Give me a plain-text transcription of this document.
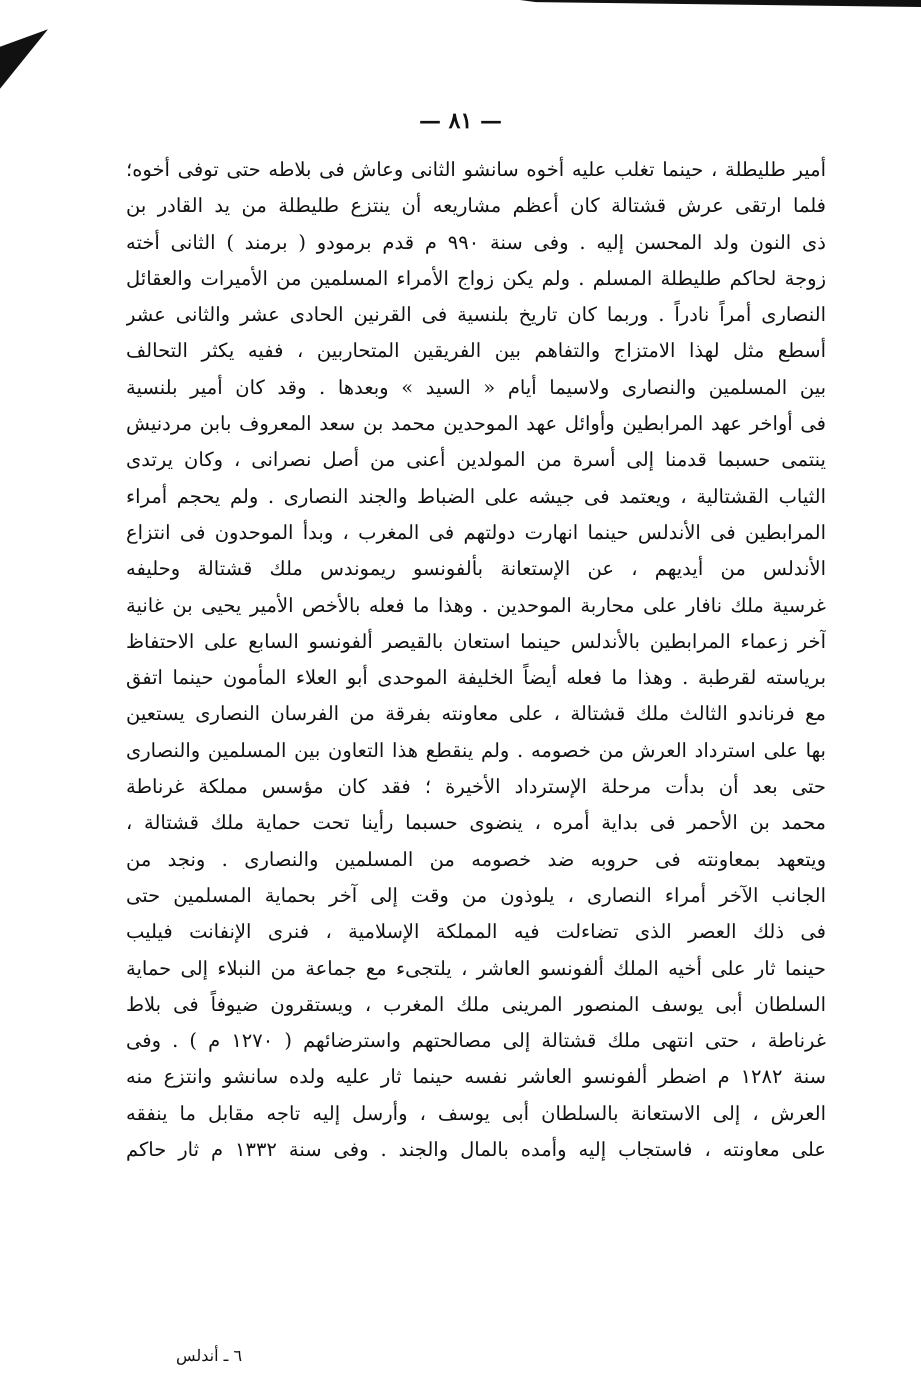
— ٨١ —
أمير طليطلة ، حينما تغلب عليه أخوه سانشو الثانى وعاش فى بلاطه حتى توفى أخوه؛
فلما ارتقى عرش قشتالة كان أعظم مشاريعه أن ينتزع طليطلة من يد القادر بن
ذى النون ولد المحسن إليه . وفى سنة ٩٩٠ م قدم برمودو ( برمند ) الثانى أخته
زوجة لحاكم طليطلة المسلم . ولم يكن زواج الأمراء المسلمين من الأميرات والعقائل
النصارى أمراً نادراً . وربما كان تاريخ بلنسية فى القرنين الحادى عشر والثانى عشر
أسطع مثل لهذا الامتزاج والتفاهم بين الفريقين المتحاربين ، ففيه يكثر التحالف
بين المسلمين والنصارى ولاسيما أيام « السيد » وبعدها . وقد كان أمير بلنسية
فى أواخر عهد المرابطين وأوائل عهد الموحدين محمد بن سعد المعروف بابن مردنيش
ينتمى حسبما قدمنا إلى أسرة من المولدين أعنى من أصل نصرانى ، وكان يرتدى
الثياب القشتالية ، ويعتمد فى جيشه على الضباط والجند النصارى . ولم يحجم أمراء
المرابطين فى الأندلس حينما انهارت دولتهم فى المغرب ، وبدأ الموحدون فى انتزاع
الأندلس من أيديهم ، عن الإستعانة بألفونسو ريموندس ملك قشتالة وحليفه
غرسية ملك نافار على محاربة الموحدين . وهذا ما فعله بالأخص الأمير يحيى بن غانية
آخر زعماء المرابطين بالأندلس حينما استعان بالقيصر ألفونسو السابع على الاحتفاظ
برياسته لقرطبة . وهذا ما فعله أيضاً الخليفة الموحدى أبو العلاء المأمون حينما اتفق
مع فرناندو الثالث ملك قشتالة ، على معاونته بفرقة من الفرسان النصارى يستعين
بها على استرداد العرش من خصومه . ولم ينقطع هذا التعاون بين المسلمين والنصارى
حتى بعد أن بدأت مرحلة الإسترداد الأخيرة ؛ فقد كان مؤسس مملكة غرناطة
محمد بن الأحمر فى بداية أمره ، ينضوى حسبما رأينا تحت حماية ملك قشتالة ،
ويتعهد بمعاونته فى حروبه ضد خصومه من المسلمين والنصارى . ونجد من
الجانب الآخر أمراء النصارى ، يلوذون من وقت إلى آخر بحماية المسلمين حتى
فى ذلك العصر الذى تضاءلت فيه المملكة الإسلامية ، فنرى الإنفانت فيليب
حينما ثار على أخيه الملك ألفونسو العاشر ، يلتجىء مع جماعة من النبلاء إلى حماية
السلطان أبى يوسف المنصور المرينى ملك المغرب ، ويستقرون ضيوفاً فى بلاط
غرناطة ، حتى انتهى ملك قشتالة إلى مصالحتهم واسترضائهم ( ١٢٧٠ م ) . وفى
سنة ١٢٨٢ م اضطر ألفونسو العاشر نفسه حينما ثار عليه ولده سانشو وانتزع منه
العرش ، إلى الاستعانة بالسلطان أبى يوسف ، وأرسل إليه تاجه مقابل ما ينفقه
على معاونته ، فاستجاب إليه وأمده بالمال والجند . وفى سنة ١٣٣٢ م ثار حاكم
٦ ـ أندلس
